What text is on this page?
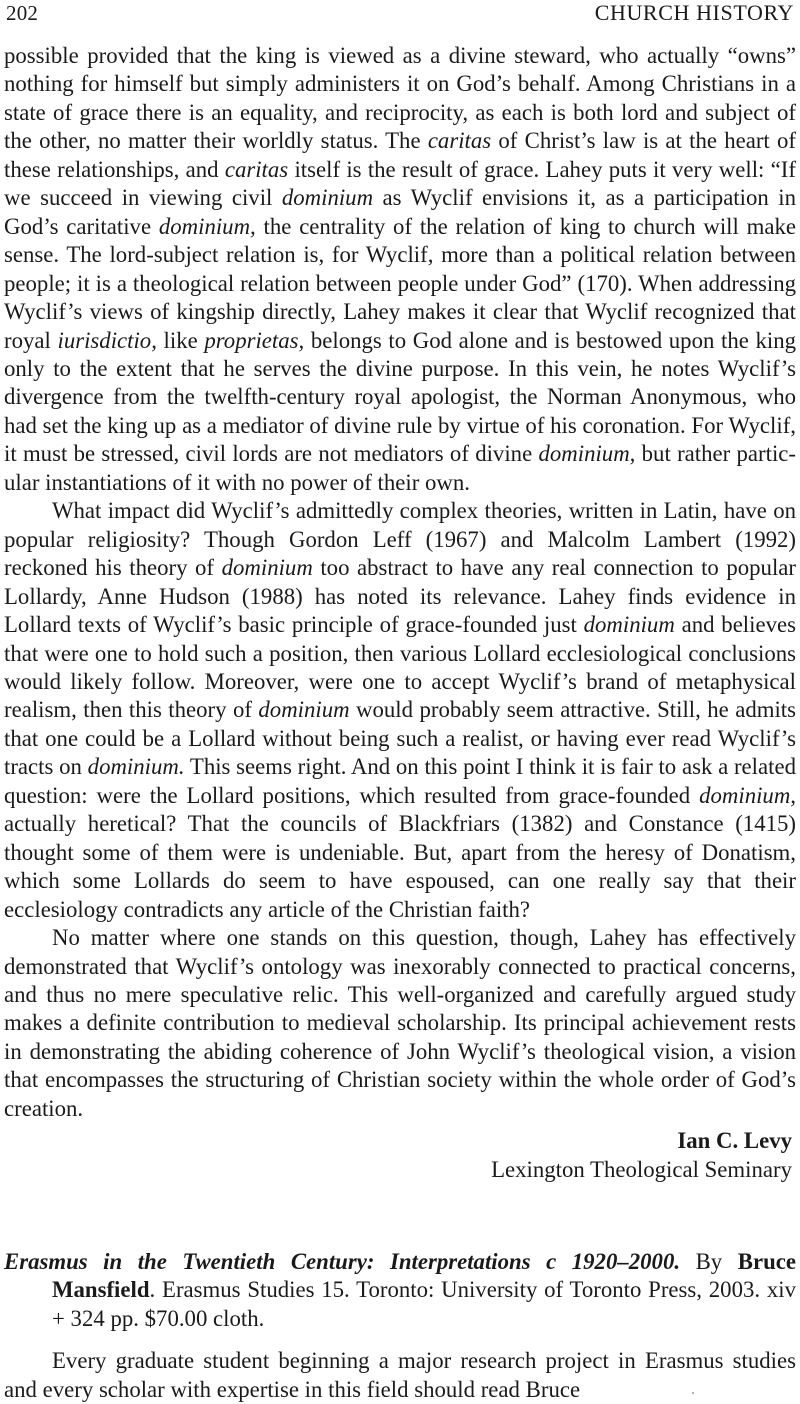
202	CHURCH HISTORY

possible provided that the king is viewed as a divine steward, who actually “owns” nothing for himself but simply administers it on God’s behalf. Among Christians in a state of grace there is an equality, and reciprocity, as each is both lord and subject of the other, no matter their worldly status. The caritas of Christ’s law is at the heart of these relationships, and caritas itself is the result of grace. Lahey puts it very well: “If we succeed in viewing civil dominium as Wyclif envisions it, as a participation in God’s caritative dominium, the centrality of the relation of king to church will make sense. The lord-subject relation is, for Wyclif, more than a political relation between people; it is a theological relation between people under God” (170). When addressing Wyclif’s views of kingship directly, Lahey makes it clear that Wyclif recognized that royal iurisdictio, like proprietas, belongs to God alone and is bestowed upon the king only to the extent that he serves the divine purpose. In this vein, he notes Wyclif’s divergence from the twelfth-century royal apologist, the Norman Anonymous, who had set the king up as a mediator of divine rule by virtue of his coronation. For Wyclif, it must be stressed, civil lords are not mediators of divine dominium, but rather particular instantiations of it with no power of their own.

What impact did Wyclif’s admittedly complex theories, written in Latin, have on popular religiosity? Though Gordon Leff (1967) and Malcolm Lambert (1992) reckoned his theory of dominium too abstract to have any real connection to popular Lollardy, Anne Hudson (1988) has noted its relevance. Lahey finds evidence in Lollard texts of Wyclif’s basic principle of grace-founded just dominium and believes that were one to hold such a position, then various Lollard ecclesiological conclusions would likely follow. Moreover, were one to accept Wyclif’s brand of metaphysical realism, then this theory of dominium would probably seem attractive. Still, he admits that one could be a Lollard without being such a realist, or having ever read Wyclif’s tracts on dominium. This seems right. And on this point I think it is fair to ask a related question: were the Lollard positions, which resulted from grace-founded dominium, actually heretical? That the councils of Blackfriars (1382) and Constance (1415) thought some of them were is undeniable. But, apart from the heresy of Donatism, which some Lollards do seem to have espoused, can one really say that their ecclesiology contradicts any article of the Christian faith?

No matter where one stands on this question, though, Lahey has effectively demonstrated that Wyclif’s ontology was inexorably connected to practical concerns, and thus no mere speculative relic. This well-organized and carefully argued study makes a definite contribution to medieval scholarship. Its principal achievement rests in demonstrating the abiding coherence of John Wyclif’s theological vision, a vision that encompasses the structuring of Christian society within the whole order of God’s creation.

Ian C. Levy
Lexington Theological Seminary
Erasmus in the Twentieth Century: Interpretations c 1920–2000. By Bruce Mansfield. Erasmus Studies 15. Toronto: University of Toronto Press, 2003. xiv + 324 pp. $70.00 cloth.

Every graduate student beginning a major research project in Erasmus studies and every scholar with expertise in this field should read Bruce
